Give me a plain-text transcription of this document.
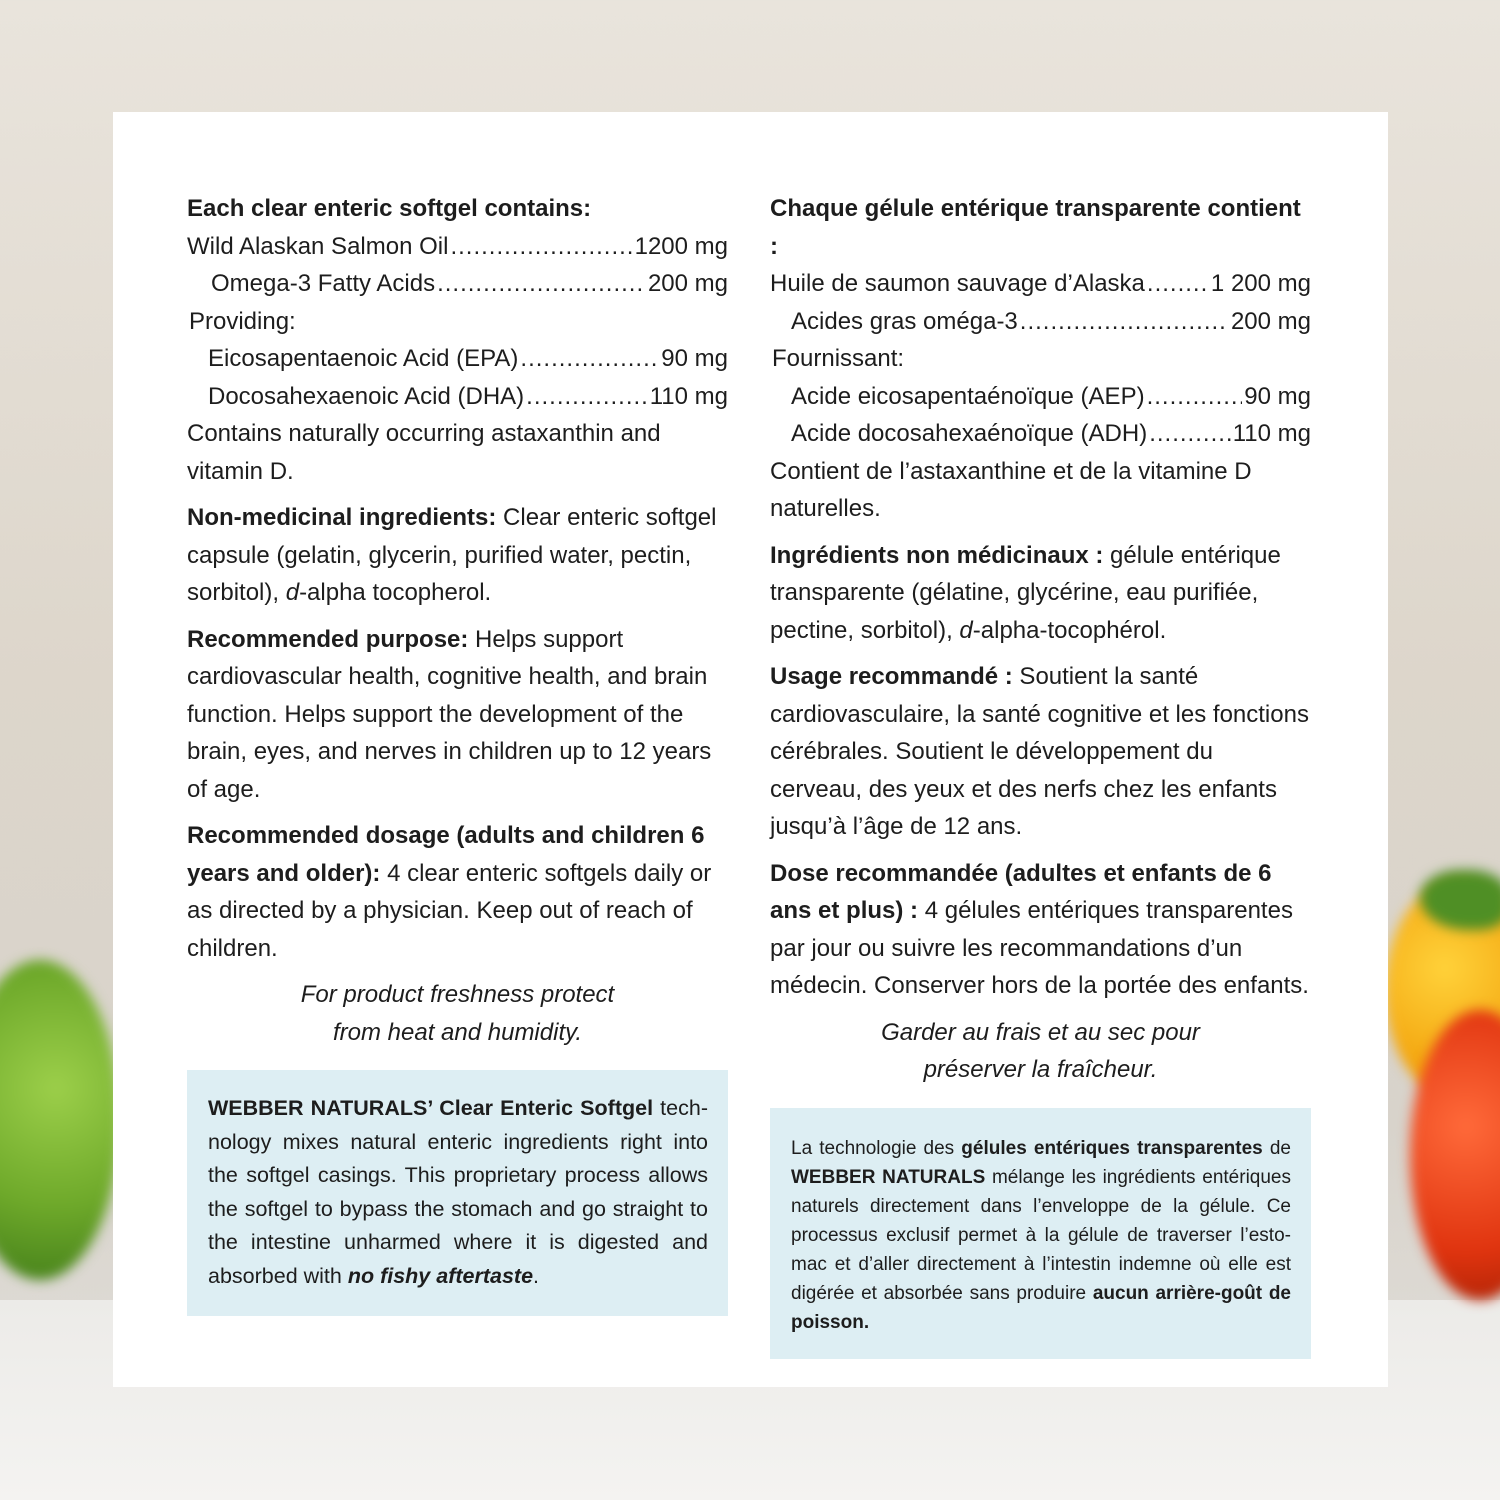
Each clear enteric softgel contains:
Wild Alaskan Salmon Oil .....	1200 mg
Omega-3 Fatty Acids .....	200 mg
Providing:
Eicosapentaenoic Acid (EPA) .....	90 mg
Docosahexaenoic Acid (DHA) .....	110 mg

Contains naturally occurring astaxanthin and vitamin D.

Non-medicinal ingredients: Clear enteric softgel capsule (gelatin, glycerin, purified water, pectin, sorbitol), d-alpha tocopherol.

Recommended purpose: Helps support cardiovascular health, cognitive health, and brain function. Helps support the development of the brain, eyes, and nerves in children up to 12 years of age.

Recommended dosage (adults and children 6 years and older): 4 clear enteric softgels daily or as directed by a physician. Keep out of reach of children.

For product freshness protect
from heat and humidity.
WEBBER NATURALS’ Clear Enteric Softgel technology mixes natural enteric ingredients right into the softgel casings. This proprietary process allows the softgel to bypass the stomach and go straight to the intestine unharmed where it is digested and absorbed with no fishy aftertaste.
Chaque gélule entérique transparente contient :
Huile de saumon sauvage d’Alaska .....	1 200 mg
Acides gras oméga-3 .....	200 mg
Fournissant:
Acide eicosapentaénoïque (AEP) .....	90 mg
Acide docosahexaénoïque (ADH) .....	110 mg

Contient de l’astaxanthine et de la vitamine D naturelles.

Ingrédients non médicinaux : gélule entérique transparente (gélatine, glycérine, eau purifiée, pectine, sorbitol), d-alpha-tocophérol.

Usage recommandé : Soutient la santé cardiovasculaire, la santé cognitive et les fonctions cérébrales. Soutient le développement du cerveau, des yeux et des nerfs chez les enfants jusqu’à l’âge de 12 ans.

Dose recommandée (adultes et enfants de 6 ans et plus) : 4 gélules entériques transparentes par jour ou suivre les recommandations d’un médecin. Conserver hors de la portée des enfants.

Garder au frais et au sec pour
préserver la fraîcheur.
La technologie des gélules entériques transparentes de WEBBER NATURALS mélange les ingrédients entériques naturels directement dans l’enveloppe de la gélule. Ce processus exclusif permet à la gélule de traverser l’estomac et d’aller directement à l’intestin indemne où elle est digérée et absorbée sans produire aucun arrière-goût de poisson.
